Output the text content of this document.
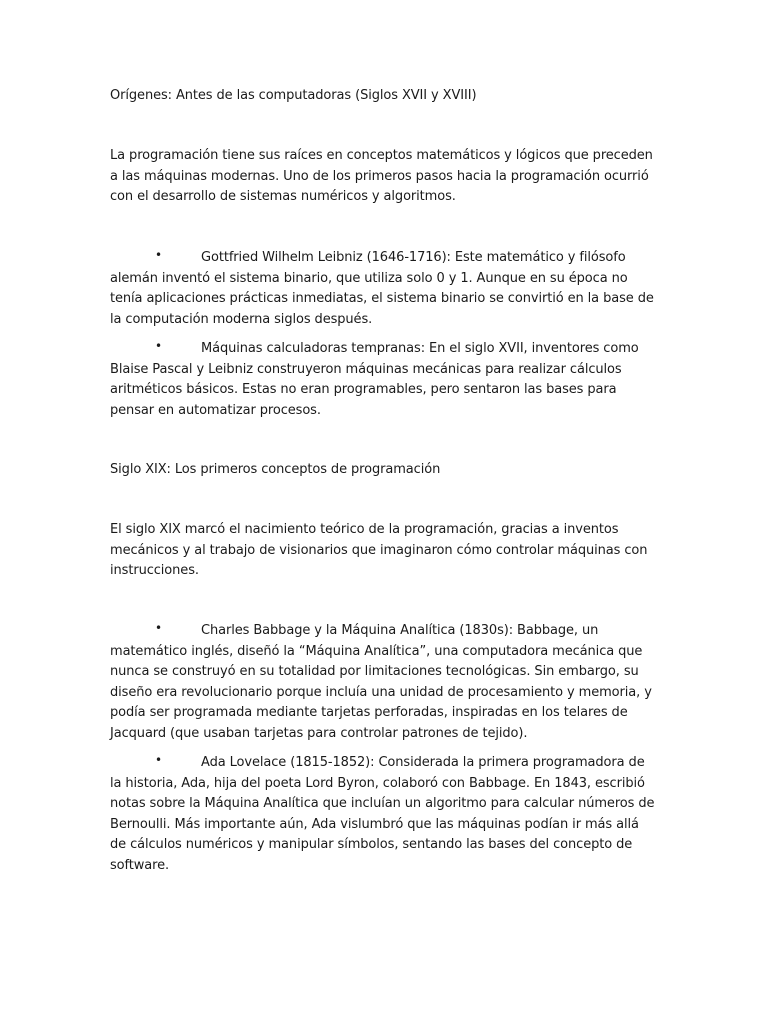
Orígenes: Antes de las computadoras (Siglos XVII y XVIII)

La programación tiene sus raíces en conceptos matemáticos y lógicos que preceden a las máquinas modernas. Uno de los primeros pasos hacia la programación ocurrió con el desarrollo de sistemas numéricos y algoritmos.

•	Gottfried Wilhelm Leibniz (1646-1716): Este matemático y filósofo alemán inventó el sistema binario, que utiliza solo 0 y 1. Aunque en su época no tenía aplicaciones prácticas inmediatas, el sistema binario se convirtió en la base de la computación moderna siglos después.

•	Máquinas calculadoras tempranas: En el siglo XVII, inventores como Blaise Pascal y Leibniz construyeron máquinas mecánicas para realizar cálculos aritméticos básicos. Estas no eran programables, pero sentaron las bases para pensar en automatizar procesos.

Siglo XIX: Los primeros conceptos de programación

El siglo XIX marcó el nacimiento teórico de la programación, gracias a inventos mecánicos y al trabajo de visionarios que imaginaron cómo controlar máquinas con instrucciones.

•	Charles Babbage y la Máquina Analítica (1830s): Babbage, un matemático inglés, diseñó la “Máquina Analítica”, una computadora mecánica que nunca se construyó en su totalidad por limitaciones tecnológicas. Sin embargo, su diseño era revolucionario porque incluía una unidad de procesamiento y memoria, y podía ser programada mediante tarjetas perforadas, inspiradas en los telares de Jacquard (que usaban tarjetas para controlar patrones de tejido).

•	Ada Lovelace (1815-1852): Considerada la primera programadora de la historia, Ada, hija del poeta Lord Byron, colaboró con Babbage. En 1843, escribió notas sobre la Máquina Analítica que incluían un algoritmo para calcular números de Bernoulli. Más importante aún, Ada vislumbró que las máquinas podían ir más allá de cálculos numéricos y manipular símbolos, sentando las bases del concepto de software.
